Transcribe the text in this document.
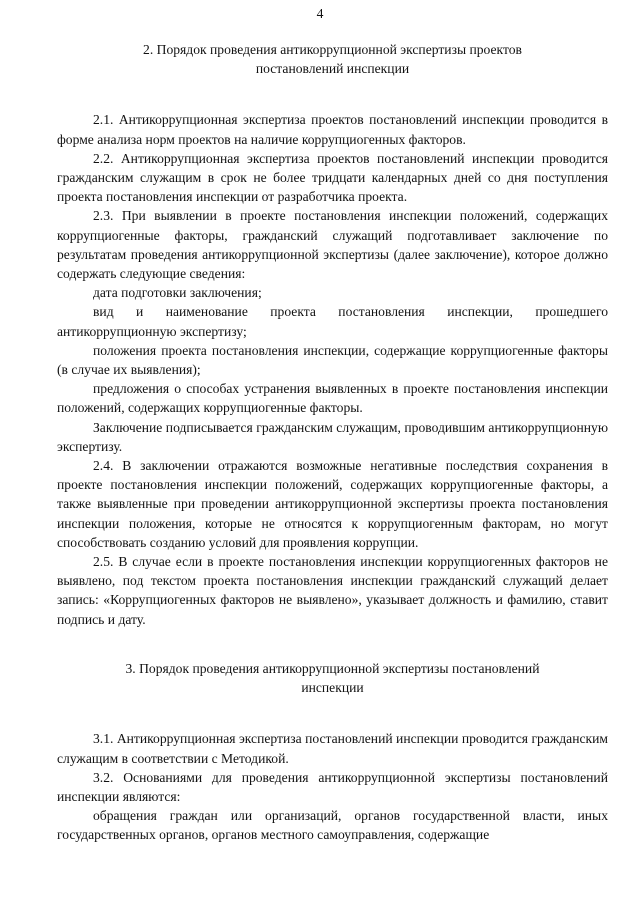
4
2. Порядок проведения антикоррупционной экспертизы проектов
постановлений инспекции

2.1. Антикоррупционная экспертиза проектов постановлений инспекции проводится в форме анализа норм проектов на наличие коррупциогенных факторов.

2.2. Антикоррупционная экспертиза проектов постановлений инспекции проводится гражданским служащим в срок не более тридцати календарных дней со дня поступления проекта постановления инспекции от разработчика проекта.

2.3. При выявлении в проекте постановления инспекции положений, содержащих коррупциогенные факторы, гражданский служащий подготавливает заключение по результатам проведения антикоррупционной экспертизы (далее заключение), которое должно содержать следующие сведения:

дата подготовки заключения;

вид и наименование проекта постановления инспекции, прошедшего антикоррупционную экспертизу;

положения проекта постановления инспекции, содержащие коррупциогенные факторы (в случае их выявления);

предложения о способах устранения выявленных в проекте постановления инспекции положений, содержащих коррупциогенные факторы.

Заключение подписывается гражданским служащим, проводившим антикоррупционную экспертизу.

2.4. В заключении отражаются возможные негативные последствия сохранения в проекте постановления инспекции положений, содержащих коррупциогенные факторы, а также выявленные при проведении антикоррупционной экспертизы проекта постановления инспекции положения, которые не относятся к коррупциогенным факторам, но могут способствовать созданию условий для проявления коррупции.

2.5. В случае если в проекте постановления инспекции коррупциогенных факторов не выявлено, под текстом проекта постановления инспекции гражданский служащий делает запись: «Коррупциогенных факторов не выявлено», указывает должность и фамилию, ставит подпись и дату.

3. Порядок проведения антикоррупционной экспертизы постановлений
инспекции

3.1. Антикоррупционная экспертиза постановлений инспекции проводится гражданским служащим в соответствии с Методикой.

3.2. Основаниями для проведения антикоррупционной экспертизы постановлений инспекции являются:

обращения граждан или организаций, органов государственной власти, иных государственных органов, органов местного самоуправления, содержащие
